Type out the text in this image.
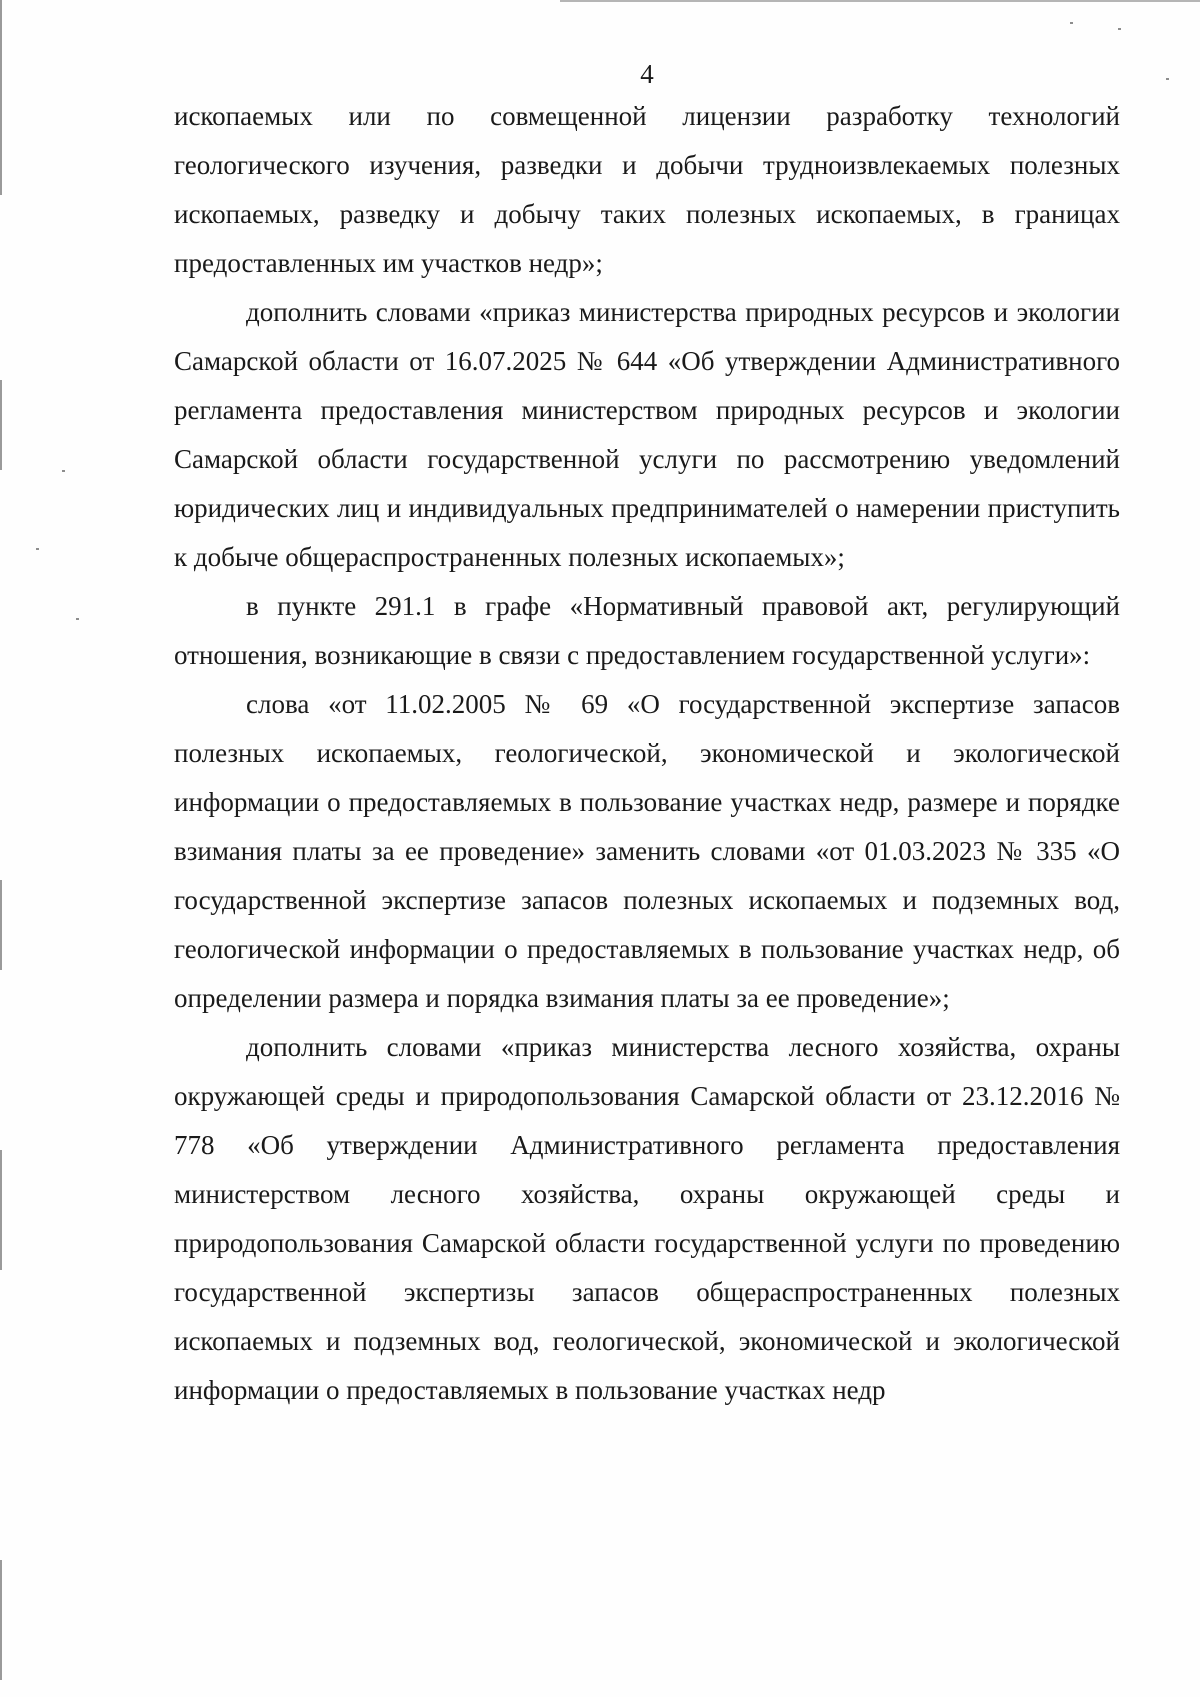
4

ископаемых или по совмещенной лицензии разработку технологий геологического изучения, разведки и добычи трудноизвлекаемых полезных ископаемых, разведку и добычу таких полезных ископаемых, в границах предоставленных им участков недр»;

дополнить словами «приказ министерства природных ресурсов и экологии Самарской области от 16.07.2025 № 644 «Об утверждении Административного регламента предоставления министерством природных ресурсов и экологии Самарской области государственной услуги по рассмотрению уведомлений юридических лиц и индивидуальных предпринимателей о намерении приступить к добыче общераспространенных полезных ископаемых»;

в пункте 291.1 в графе «Нормативный правовой акт, регулирующий отношения, возникающие в связи с предоставлением государственной услуги»:

слова «от 11.02.2005 № 69 «О государственной экспертизе запасов полезных ископаемых, геологической, экономической и экологической информации о предоставляемых в пользование участках недр, размере и порядке взимания платы за ее проведение» заменить словами «от 01.03.2023 № 335 «О государственной экспертизе запасов полезных ископаемых и подземных вод, геологической информации о предоставляемых в пользование участках недр, об определении размера и порядка взимания платы за ее проведение»;

дополнить словами «приказ министерства лесного хозяйства, охраны окружающей среды и природопользования Самарской области от 23.12.2016 № 778 «Об утверждении Административного регламента предоставления министерством лесного хозяйства, охраны окружающей среды и природопользования Самарской области государственной услуги по проведению государственной экспертизы запасов общераспространенных полезных ископаемых и подземных вод, геологической, экономической и экологической информации о предоставляемых в пользование участках недр
